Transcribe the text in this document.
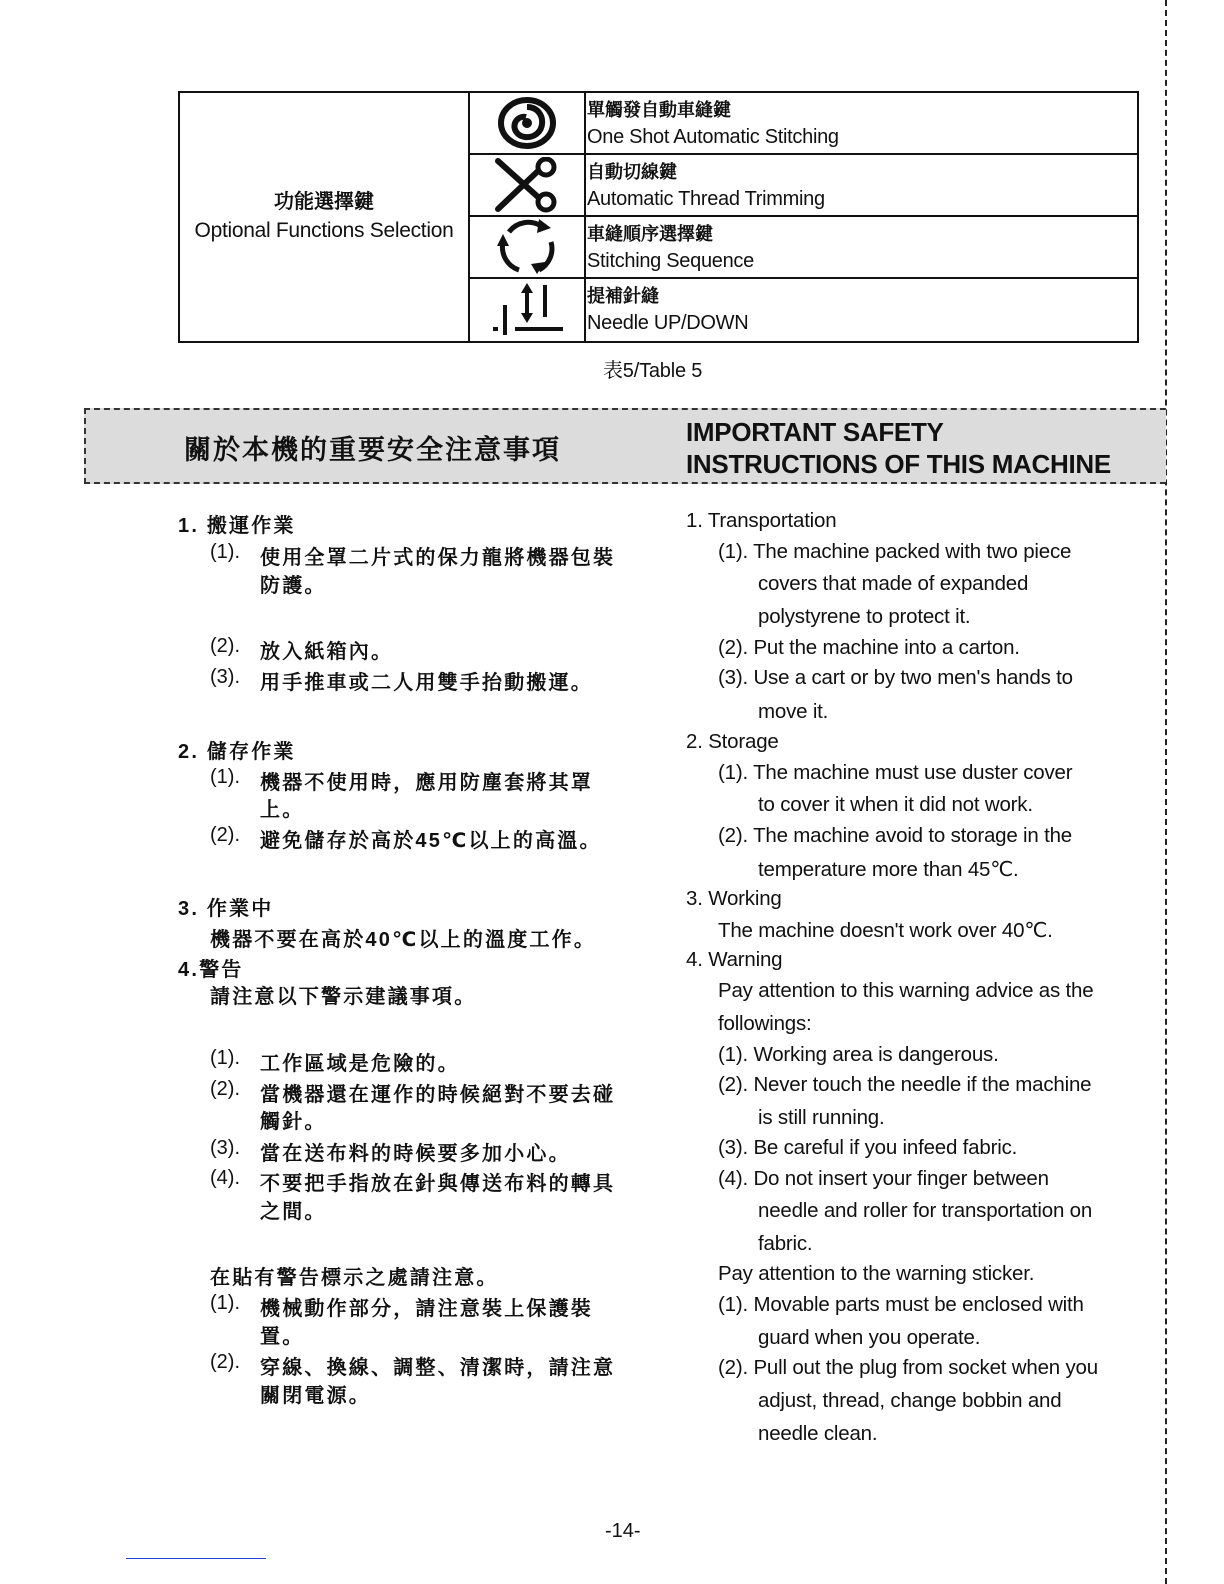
功能選擇鍵
Optional Functions Selection
單觸發自動車縫鍵
One Shot Automatic Stitching
自動切線鍵
Automatic Thread Trimming
車縫順序選擇鍵
Stitching Sequence
提補針縫
Needle UP/DOWN
表5/Table 5
關於本機的重要安全注意事項
IMPORTANT SAFETY
INSTRUCTIONS OF THIS MACHINE
1. 搬運作業
(1). 使用全罩二片式的保力龍將機器包裝
防護。
(2). 放入紙箱內。
(3). 用手推車或二人用雙手抬動搬運。
2. 儲存作業
(1). 機器不使用時，應用防塵套將其罩
上。
(2). 避免儲存於高於45℃以上的高溫。
3. 作業中
機器不要在高於40℃以上的溫度工作。
4.警告
請注意以下警示建議事項。
(1). 工作區域是危險的。
(2). 當機器還在運作的時候絕對不要去碰
觸針。
(3). 當在送布料的時候要多加小心。
(4). 不要把手指放在針與傳送布料的轉具
之間。
在貼有警告標示之處請注意。
(1). 機械動作部分，請注意裝上保護裝
置。
(2). 穿線、換線、調整、清潔時，請注意
關閉電源。
1. Transportation
(1). The machine packed with two piece
covers that made of expanded
polystyrene to protect it.
(2). Put the machine into a carton.
(3). Use a cart or by two men's hands to
move it.
2. Storage
(1). The machine must use duster cover
to cover it when it did not work.
(2). The machine avoid to storage in the
temperature more than 45℃.
3. Working
The machine doesn't work over 40℃.
4. Warning
Pay attention to this warning advice as the
followings:
(1). Working area is dangerous.
(2). Never touch the needle if the machine
is still running.
(3). Be careful if you infeed fabric.
(4). Do not insert your finger between
needle and roller for transportation on
fabric.
Pay attention to the warning sticker.
(1). Movable parts must be enclosed with
guard when you operate.
(2). Pull out the plug from socket when you
adjust, thread, change bobbin and
needle clean.
-14-
